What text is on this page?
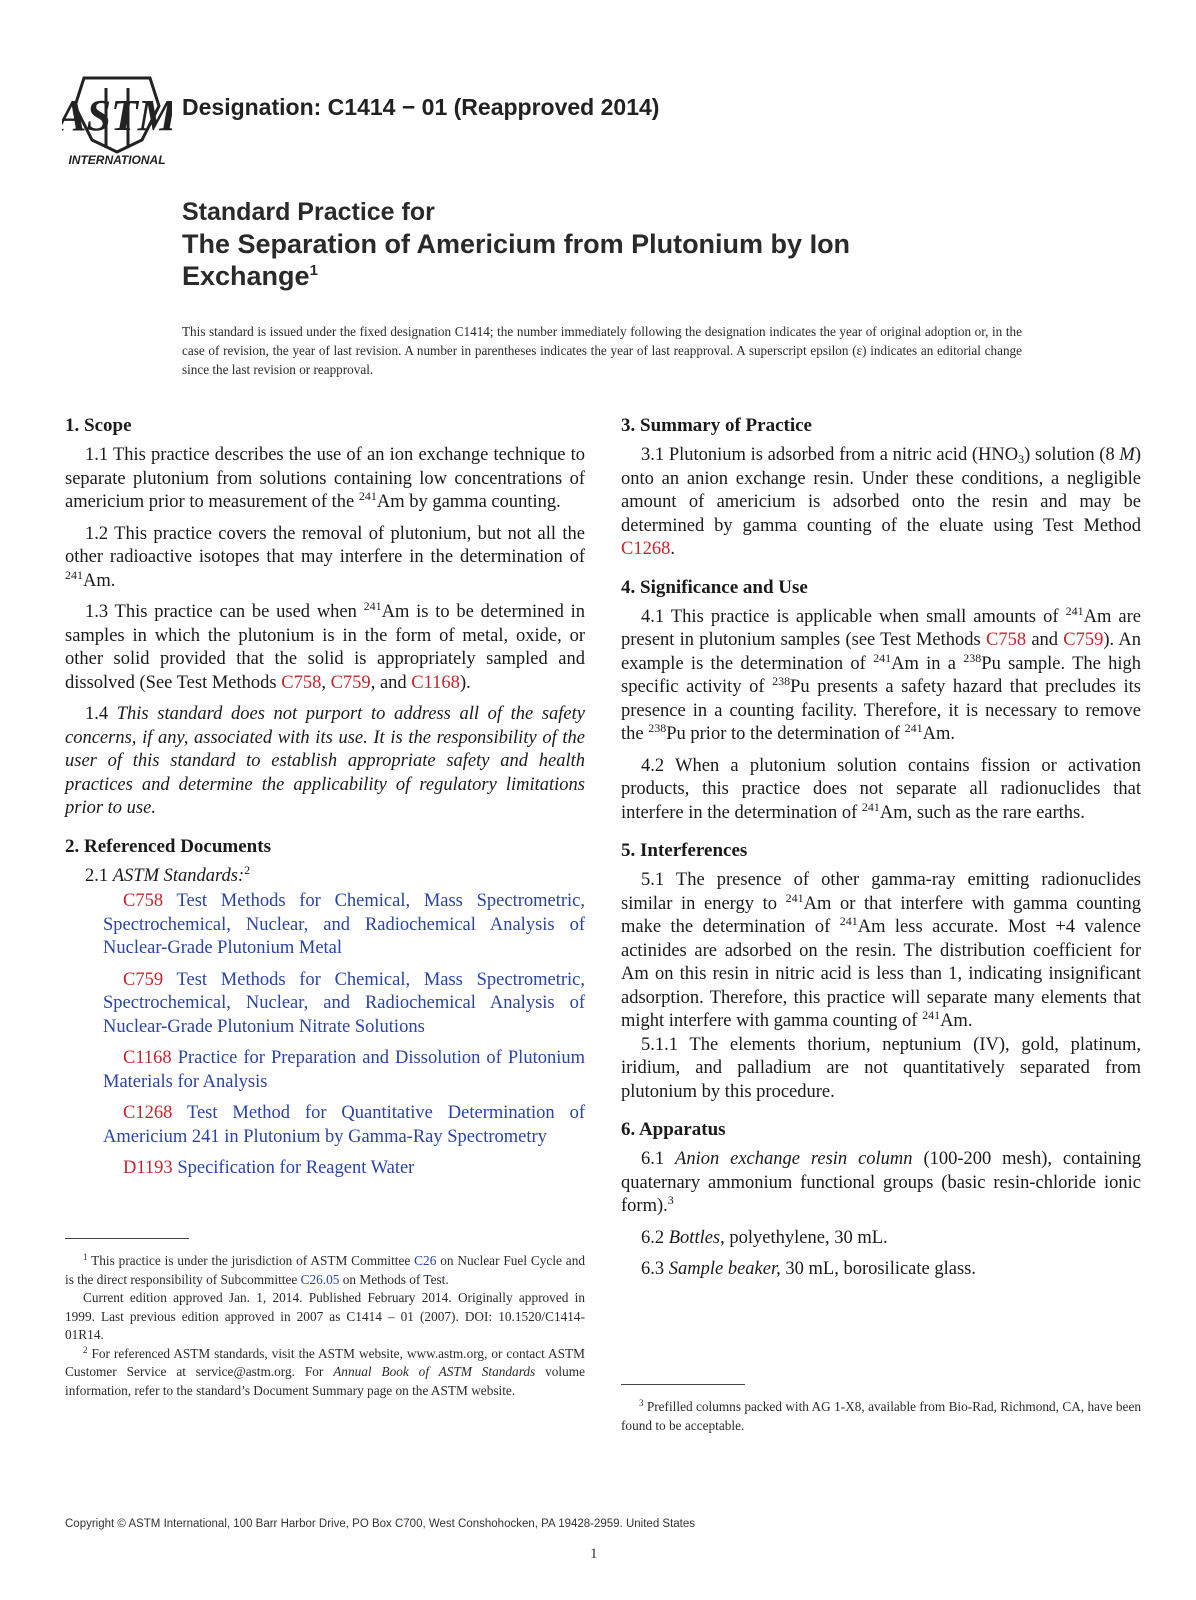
ASTM
INTERNATIONAL
Designation: C1414 − 01 (Reapproved 2014)
Standard Practice for
The Separation of Americium from Plutonium by Ion
Exchange$^1$
This standard is issued under the fixed designation C1414; the number immediately following the designation indicates the year of original adoption or, in the case of revision, the year of last revision. A number in parentheses indicates the year of last reapproval. A superscript epsilon (ε) indicates an editorial change since the last revision or reapproval.
1. Scope

1.1 This practice describes the use of an ion exchange technique to separate plutonium from solutions containing low concentrations of americium prior to measurement of the $^{241}$Am by gamma counting.

1.2 This practice covers the removal of plutonium, but not all the other radioactive isotopes that may interfere in the determination of $^{241}$Am.

1.3 This practice can be used when $^{241}$Am is to be determined in samples in which the plutonium is in the form of metal, oxide, or other solid provided that the solid is appropriately sampled and dissolved (See Test Methods C758, C759, and C1168).

1.4 This standard does not purport to address all of the safety concerns, if any, associated with its use. It is the responsibility of the user of this standard to establish appropriate safety and health practices and determine the applicability of regulatory limitations prior to use.

2. Referenced Documents

2.1 ASTM Standards:$^2$

C758 Test Methods for Chemical, Mass Spectrometric, Spectrochemical, Nuclear, and Radiochemical Analysis of Nuclear-Grade Plutonium Metal

C759 Test Methods for Chemical, Mass Spectrometric, Spectrochemical, Nuclear, and Radiochemical Analysis of Nuclear-Grade Plutonium Nitrate Solutions

C1168 Practice for Preparation and Dissolution of Plutonium Materials for Analysis

C1268 Test Method for Quantitative Determination of Americium 241 in Plutonium by Gamma-Ray Spectrometry

D1193 Specification for Reagent Water

$^1$ This practice is under the jurisdiction of ASTM Committee C26 on Nuclear Fuel Cycle and is the direct responsibility of Subcommittee C26.05 on Methods of Test.

Current edition approved Jan. 1, 2014. Published February 2014. Originally approved in 1999. Last previous edition approved in 2007 as C1414 – 01 (2007). DOI: 10.1520/C1414-01R14.

$^2$ For referenced ASTM standards, visit the ASTM website, www.astm.org, or contact ASTM Customer Service at service@astm.org. For Annual Book of ASTM Standards volume information, refer to the standard’s Document Summary page on the ASTM website.

3. Summary of Practice

3.1 Plutonium is adsorbed from a nitric acid $(HNO_3)$ solution (8 M) onto an anion exchange resin. Under these conditions, a negligible amount of americium is adsorbed onto the resin and may be determined by gamma counting of the eluate using Test Method C1268.

4. Significance and Use

4.1 This practice is applicable when small amounts of $^{241}$Am are present in plutonium samples (see Test Methods C758 and C759). An example is the determination of $^{241}$Am in a $^{238}$Pu sample. The high specific activity of $^{238}$Pu presents a safety hazard that precludes its presence in a counting facility. Therefore, it is necessary to remove the $^{238}$Pu prior to the determination of $^{241}$Am.

4.2 When a plutonium solution contains fission or activation products, this practice does not separate all radionuclides that interfere in the determination of $^{241}$Am, such as the rare earths.

5. Interferences

5.1 The presence of other gamma-ray emitting radionuclides similar in energy to $^{241}$Am or that interfere with gamma counting make the determination of $^{241}$Am less accurate. Most +4 valence actinides are adsorbed on the resin. The distribution coefficient for Am on this resin in nitric acid is less than 1, indicating insignificant adsorption. Therefore, this practice will separate many elements that might interfere with gamma counting of $^{241}$Am.

5.1.1 The elements thorium, neptunium (IV), gold, platinum, iridium, and palladium are not quantitatively separated from plutonium by this procedure.

6. Apparatus

6.1 Anion exchange resin column (100-200 mesh), containing quaternary ammonium functional groups (basic resin-chloride ionic form).$^3$

6.2 Bottles, polyethylene, 30 mL.

6.3 Sample beaker, 30 mL, borosilicate glass.

$^3$ Prefilled columns packed with AG 1-X8, available from Bio-Rad, Richmond, CA, have been found to be acceptable.

Copyright © ASTM International, 100 Barr Harbor Drive, PO Box C700, West Conshohocken, PA 19428-2959. United States
1
